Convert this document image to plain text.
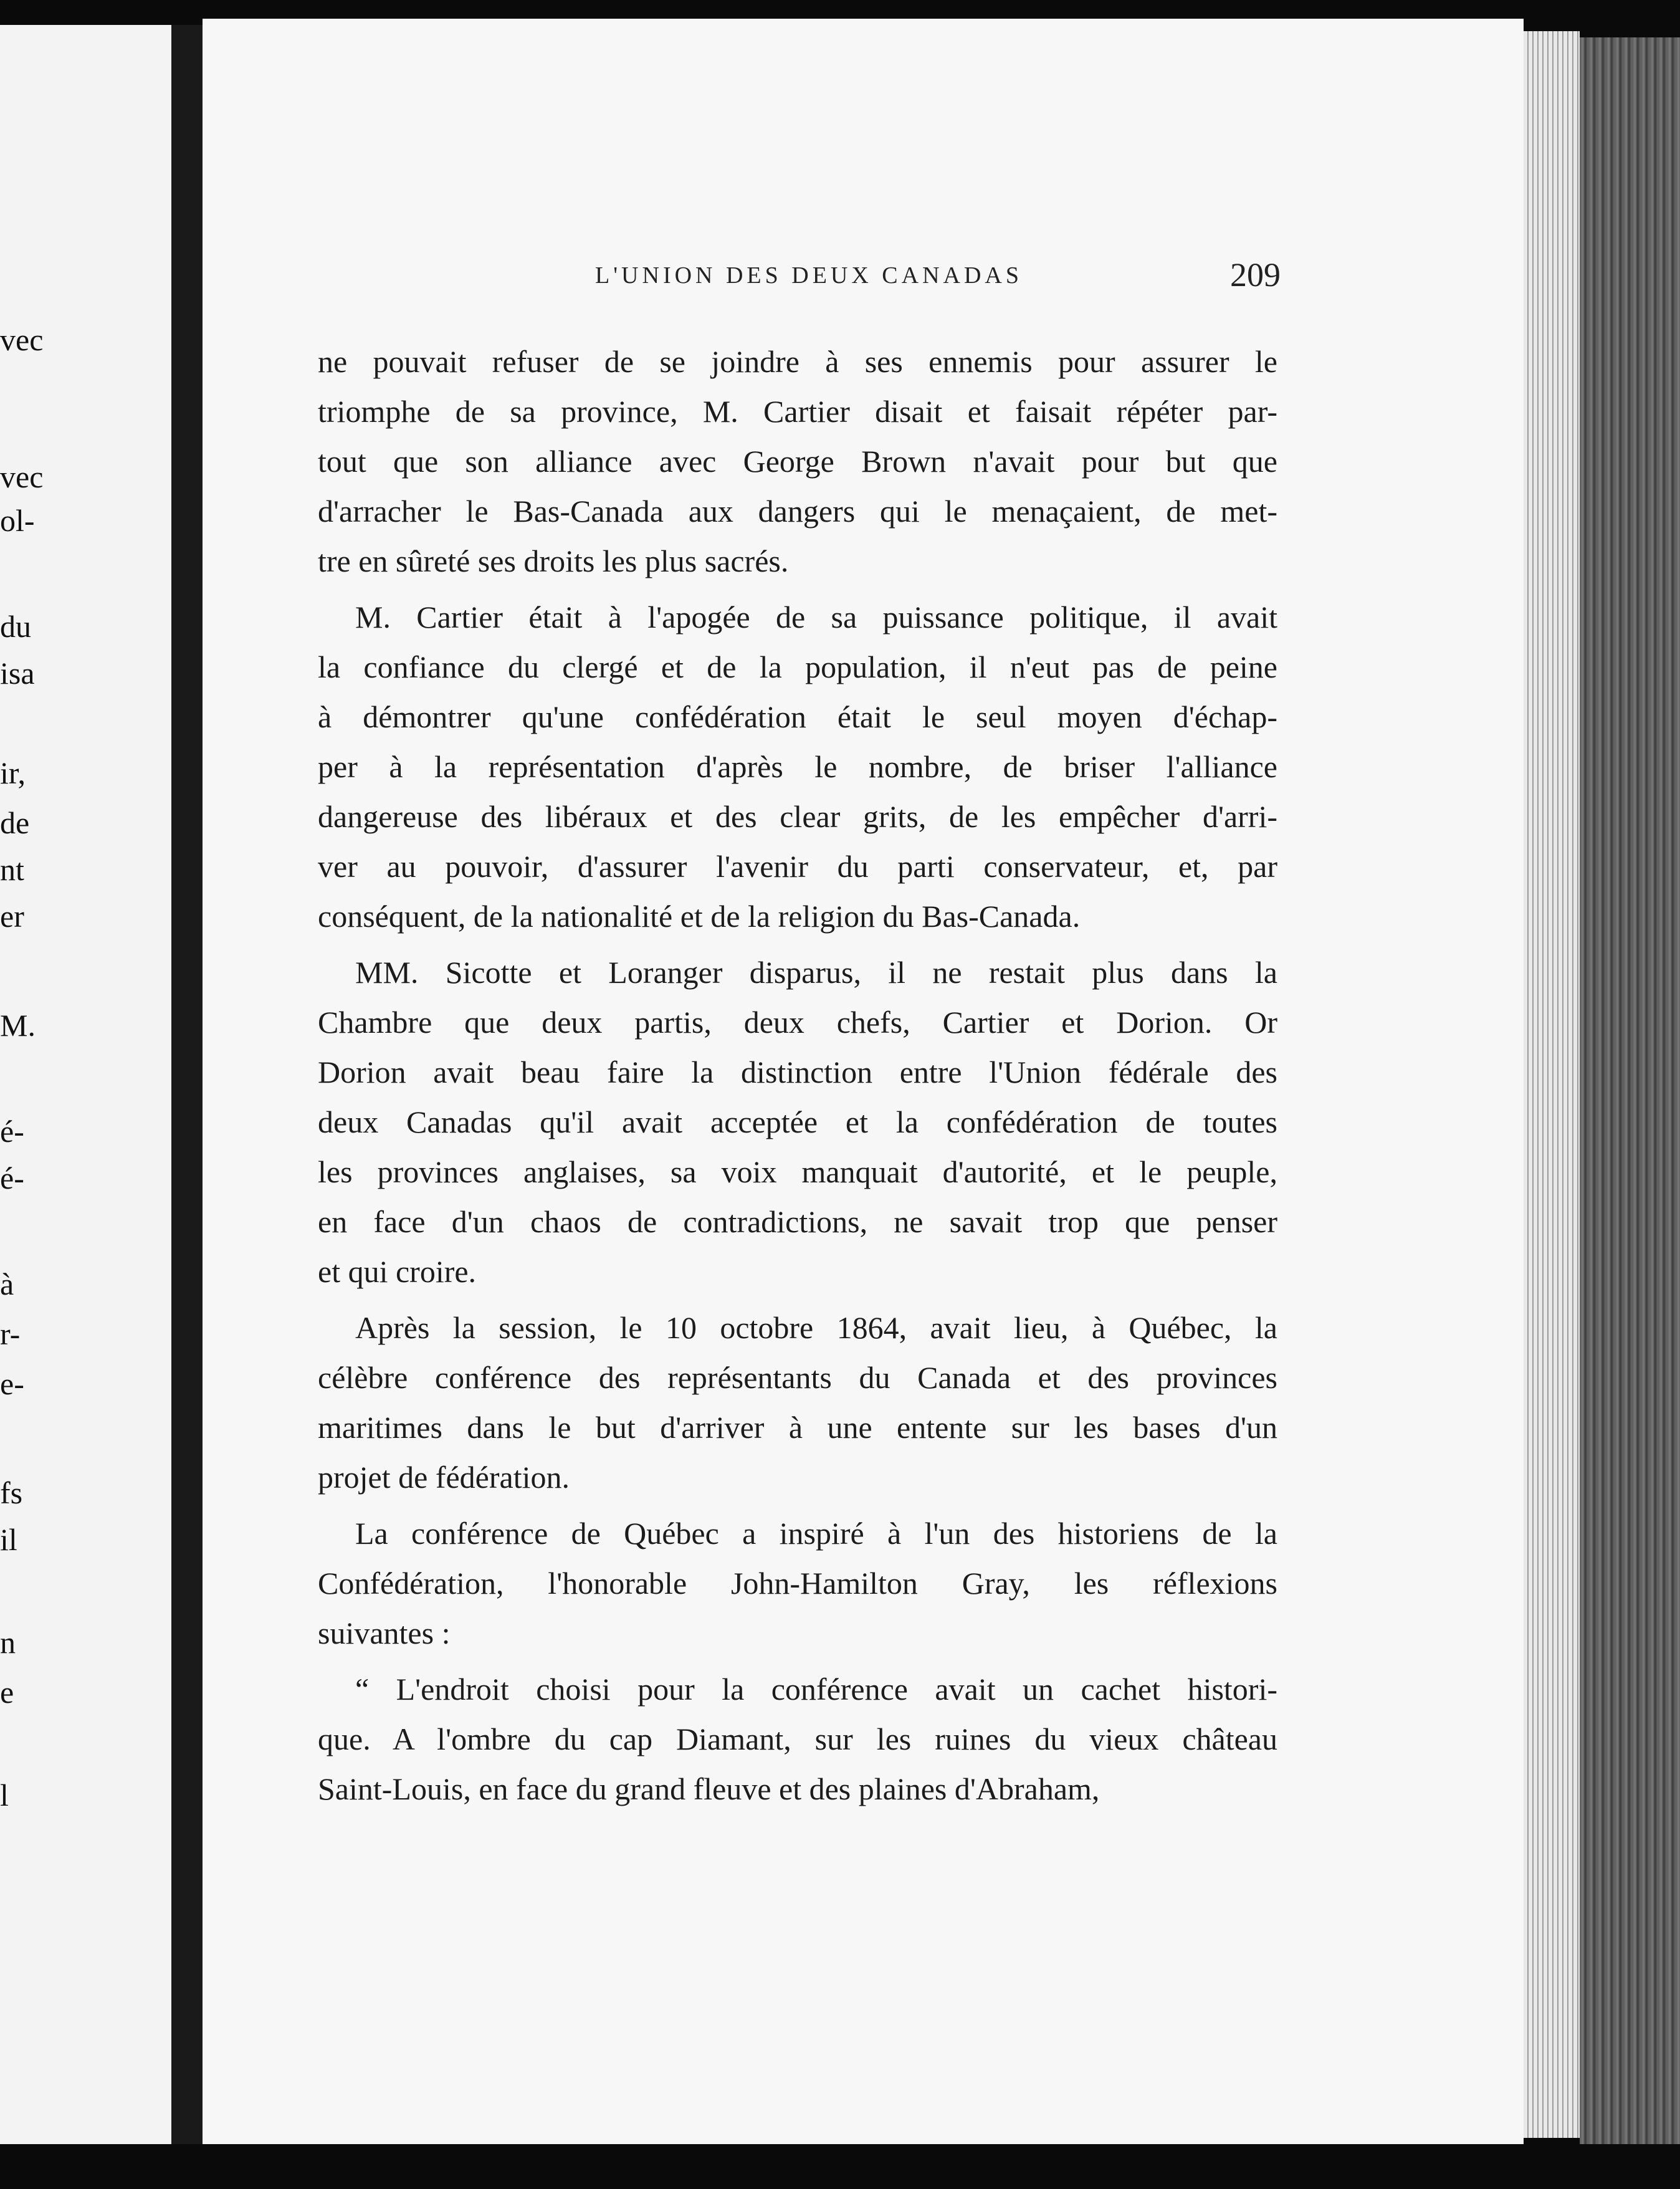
vec
vec
ol-
du
isa
ir,
de
nt
er
M.
é-
é-
à
r-
e-
fs
il
n
e
l
L'UNION DES DEUX CANADAS	209

ne pouvait refuser de se joindre à ses ennemis pour assurer le
triomphe de sa province, M. Cartier disait et faisait répéter par-
tout que son alliance avec George Brown n'avait pour but que
d'arracher le Bas-Canada aux dangers qui le menaçaient, de met-
tre en sûreté ses droits les plus sacrés.

M. Cartier était à l'apogée de sa puissance politique, il avait
la confiance du clergé et de la population, il n'eut pas de peine
à démontrer qu'une confédération était le seul moyen d'échap-
per à la représentation d'après le nombre, de briser l'alliance
dangereuse des libéraux et des clear grits, de les empêcher d'arri-
ver au pouvoir, d'assurer l'avenir du parti conservateur, et, par
conséquent, de la nationalité et de la religion du Bas-Canada.

MM. Sicotte et Loranger disparus, il ne restait plus dans la
Chambre que deux partis, deux chefs, Cartier et Dorion. Or
Dorion avait beau faire la distinction entre l'Union fédérale des
deux Canadas qu'il avait acceptée et la confédération de toutes
les provinces anglaises, sa voix manquait d'autorité, et le peuple,
en face d'un chaos de contradictions, ne savait trop que penser
et qui croire.

Après la session, le 10 octobre 1864, avait lieu, à Québec, la
célèbre conférence des représentants du Canada et des provinces
maritimes dans le but d'arriver à une entente sur les bases d'un
projet de fédération.

La conférence de Québec a inspiré à l'un des historiens de la
Confédération, l'honorable John-Hamilton Gray, les réflexions
suivantes :

“ L'endroit choisi pour la conférence avait un cachet histori-
que. A l'ombre du cap Diamant, sur les ruines du vieux château
Saint-Louis, en face du grand fleuve et des plaines d'Abraham,
